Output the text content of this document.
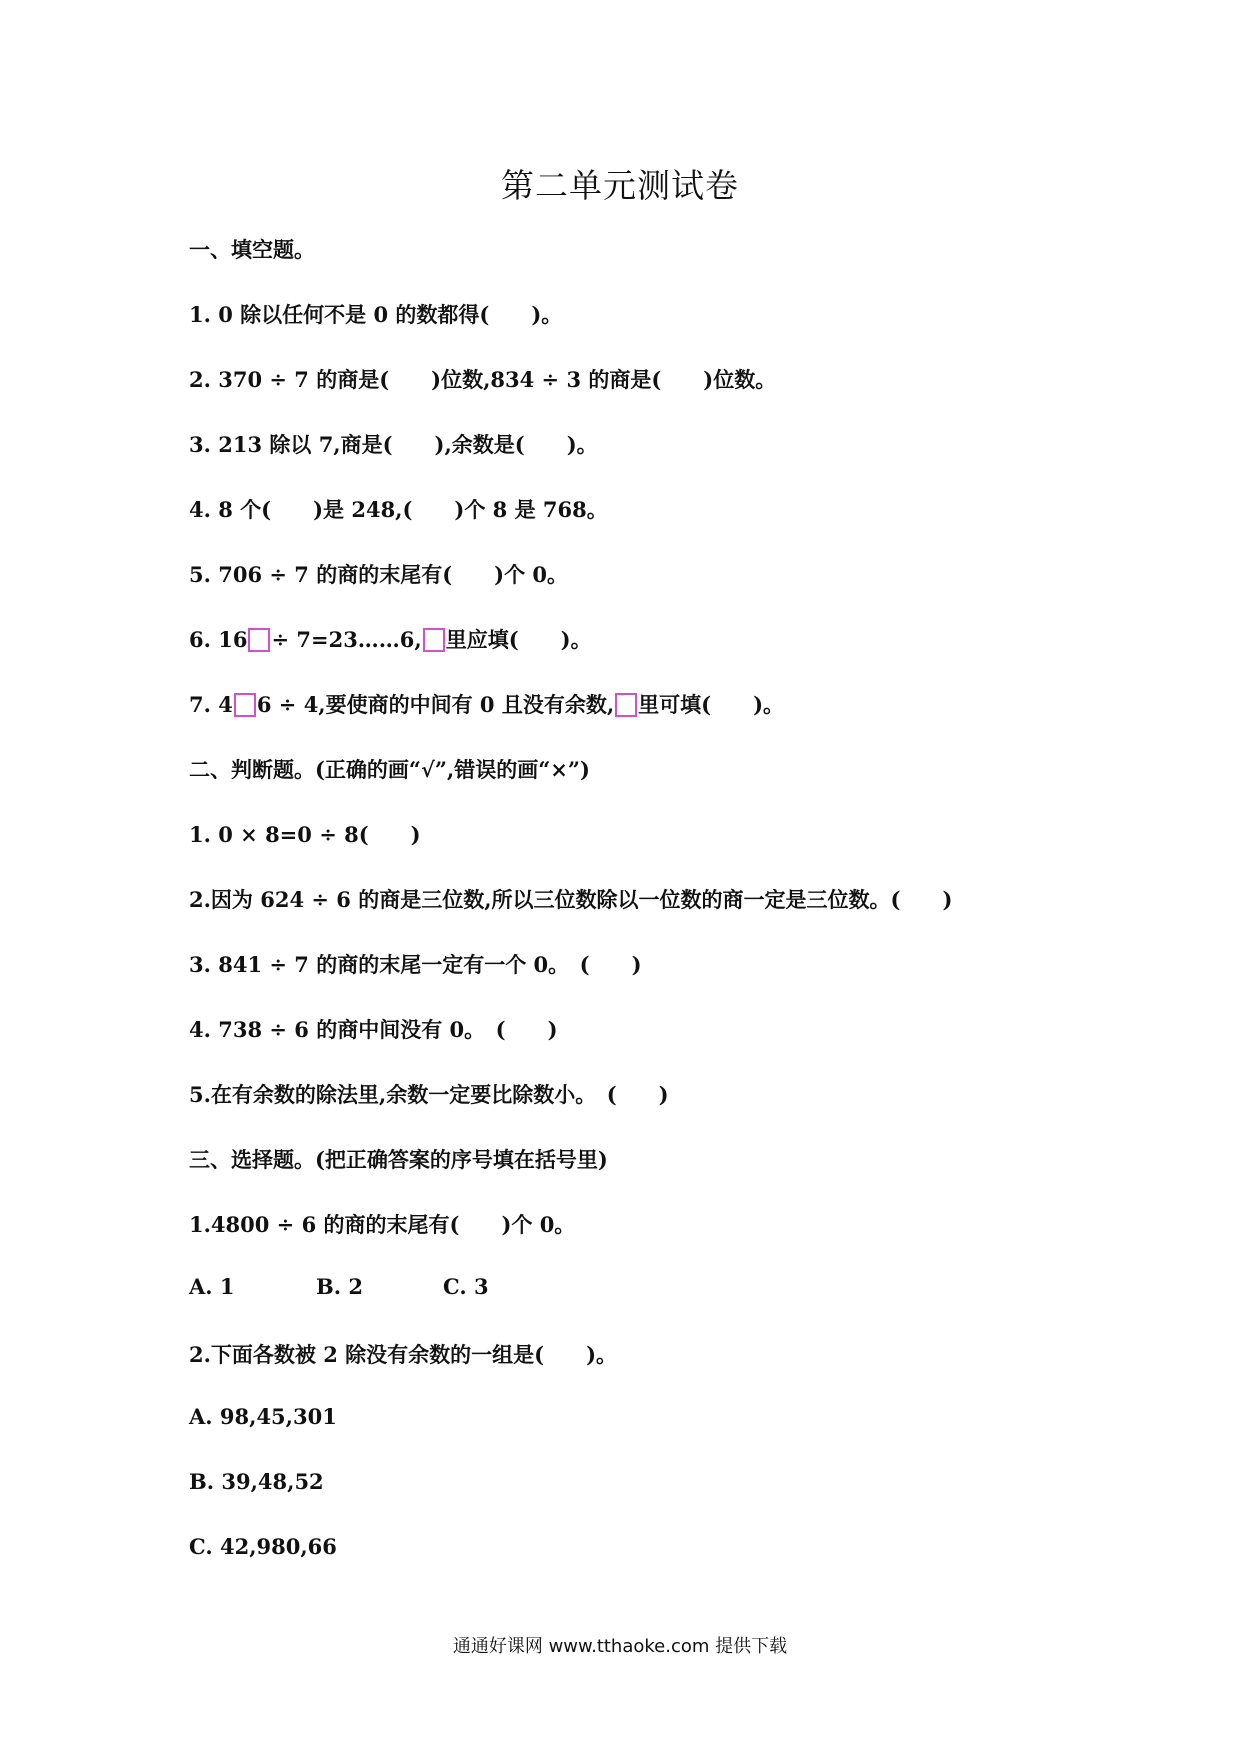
第二单元测试卷
一、填空题。
1. 0 除以任何不是 0 的数都得(　　)。
2. 370 ÷ 7 的商是(　　)位数,834 ÷ 3 的商是(　　)位数。
3. 213 除以 7,商是(　　),余数是(　　)。
4. 8 个(　　)是 248,(　　)个 8 是 768。
5. 706 ÷ 7 的商的末尾有(　　)个 0。
6. 16 ÷ 7=23……6, 里应填(　　)。
7. 4 6 ÷ 4,要使商的中间有 0 且没有余数, 里可填(　　)。
二、判断题。(正确的画“√”,错误的画“×”)
1. 0 × 8=0 ÷ 8(　　)
2.因为 624 ÷ 6 的商是三位数,所以三位数除以一位数的商一定是三位数。(　　)
3. 841 ÷ 7 的商的末尾一定有一个 0。　(　　)
4. 738 ÷ 6 的商中间没有 0。　(　　)
5.在有余数的除法里,余数一定要比除数小。　(　　)
三、选择题。(把正确答案的序号填在括号里)
1.4800 ÷ 6 的商的末尾有(　　)个 0。
A. 1	B. 2	C. 3
2.下面各数被 2 除没有余数的一组是(　　)。
A. 98,45,301
B. 39,48,52
C. 42,980,66
通通好课网 www.tthaoke.com 提供下载
